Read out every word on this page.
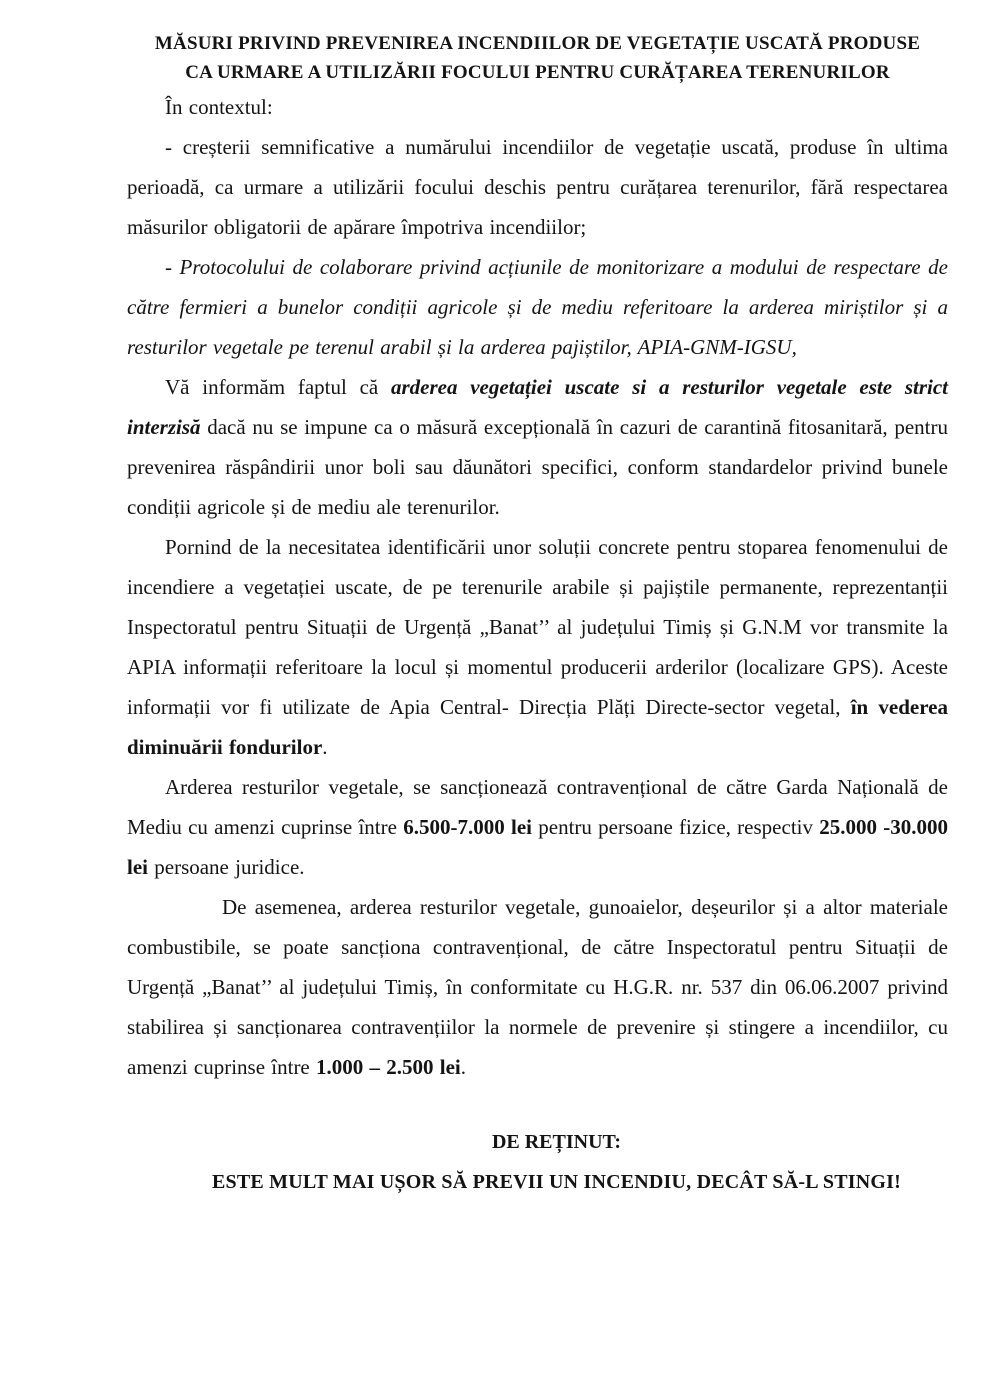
MĂSURI PRIVIND PREVENIREA INCENDIILOR DE VEGETAȚIE USCATĂ PRODUSE
CA URMARE A UTILIZĂRII FOCULUI PENTRU CURĂȚAREA TERENURILOR

În contextul:

- creșterii semnificative a numărului incendiilor de vegetație uscată, produse în ultima perioadă, ca urmare a utilizării focului deschis pentru curățarea terenurilor, fără respectarea măsurilor obligatorii de apărare împotriva incendiilor;

- Protocolului de colaborare privind acțiunile de monitorizare a modului de respectare de către fermieri a bunelor condiții agricole și de mediu referitoare la arderea miriștilor și a resturilor vegetale pe terenul arabil și la arderea pajiștilor, APIA-GNM-IGSU,

Vă informăm faptul că arderea vegetației uscate si a resturilor vegetale este strict interzisă dacă nu se impune ca o măsură excepțională în cazuri de carantină fitosanitară, pentru prevenirea răspândirii unor boli sau dăunători specifici, conform standardelor privind bunele condiții agricole și de mediu ale terenurilor.

Pornind de la necesitatea identificării unor soluții concrete pentru stoparea fenomenului de incendiere a vegetației uscate, de pe terenurile arabile și pajiștile permanente, reprezentanții Inspectoratul pentru Situații de Urgență „Banat’’ al județului Timiș și G.N.M vor transmite la APIA informații referitoare la locul și momentul producerii arderilor (localizare GPS). Aceste informații vor fi utilizate de Apia Central- Direcția Plăți Directe-sector vegetal, în vederea diminuării fondurilor.

Arderea resturilor vegetale, se sancționează contravențional de către Garda Națională de Mediu cu amenzi cuprinse între 6.500-7.000 lei pentru persoane fizice, respectiv 25.000 -30.000 lei persoane juridice.

De asemenea, arderea resturilor vegetale, gunoaielor, deșeurilor și a altor materiale combustibile, se poate sancționa contravențional, de către Inspectoratul pentru Situații de Urgență „Banat’’ al județului Timiș, în conformitate cu H.G.R. nr. 537 din 06.06.2007 privind stabilirea și sancționarea contravențiilor la normele de prevenire și stingere a incendiilor, cu amenzi cuprinse între 1.000 – 2.500 lei.

DE REȚINUT:

ESTE MULT MAI UȘOR SĂ PREVII UN INCENDIU, DECÂT SĂ-L STINGI!
